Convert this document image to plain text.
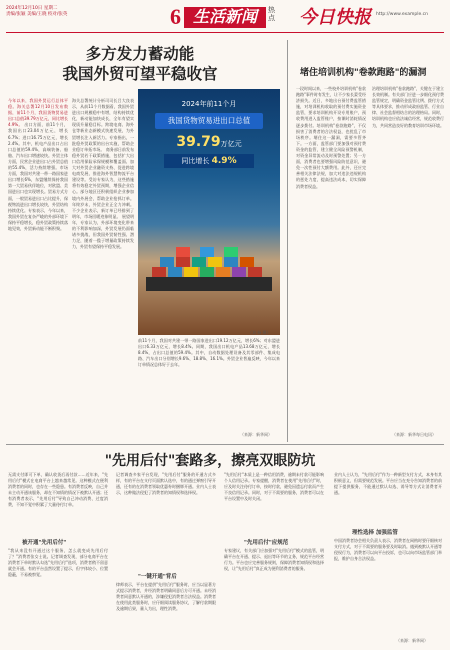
2024年12月10日 星期二
责编/张颖 美编/王晓 校对/张英	6 生活新闻	热
点 今日快报 http://www.example.cn
多方发力蓄动能
我国外贸可望平稳收官
今年以来，我国外贸运行总体平稳。海关总署12月10日发布数据，前11个月，我国货物贸易进出口总值39.79万亿元，同比增长4.9%。 出口方面，前11个月，我国出口23.04万亿元，增长6.7%；进口16.75万亿元，增长2.4%。其中，机电产品出口占出口总值的59.4%，高端装备、船舶、汽车出口增速较快。外贸主体方面，民营企业进出口占外贸总值的55.4%，活力持续增强。市场方面，我国对共建一带一路国家进出口增长6%，东盟继续保持我国第一大贸易伙伴地位，对欧盟、美国进出口也实现增长。贸易方式方面，一般贸易进出口占比提升，保税物流进出口增长较快，外贸结构持续优化。专家表示，今年以来，我国外贸在复杂严峻的外部环境下保持平稳增长，稳外贸政策持续落地见效，外贸新动能不断积聚。
海关总署统计分析司司长吕大良表示，从前11个月数据看，我国外贸进出口规模稳中有增，结构持续优化，新动能加快成长，全年有望实现质升量稳目标。跨境电商、海外仓等新业态新模式快速发展，为外贸增长注入新活力。专家指出，一批稳外贸政策的出台实施，帮助企业稳订单拓市场。 商务部日前发布稳外贸若干政策措施，包括扩大出口信用保险承保规模和覆盖面、加大对外贸企业融资支持、促进跨境电商发展、推进海外智慧物流平台建设等。受访专家认为，这些措施将有效稳定外贸预期，增强企业信心。部分地区还积极组织企业参加境内外展会，帮助企业抢抓订单。年终岁末，外贸企业正全力冲刺。不少企业表示，新订单已经排到了明年，市场回暖迹象明显。 展望明年，专家认为，外部环境变化带来的不利影响加深，外贸发展仍面临诸多挑战，但我国外贸韧性强、潜力足，随着一揽子增量政策持续发力，外贸有望保持平稳发展。
2024年前11个月
我国货物贸易进出口总值
39.79万亿元
同比增长 4.9%
（刘 杨 摄）
前11个月，我国对共建一带一路国家进出口19.12万亿元，增长6%；对东盟进出口6.33万亿元，增长8.4%。同期，我国出口机电产品13.68万亿元，增长8.4%，占出口总值的59.4%。其中，自动数据处理设备及其零部件、集成电路、汽车出口分别增长9.6%、18.8%、16.1%。外贸企业普遍反映，今年以来订单情况总体好于去年。
（来源：新华网）
堵住培训机构"卷款跑路"的漏洞
一段时间以来，一些校外培训机构"卷款跑路"事件时有发生，让不少家长蒙受经济损失。近日，多地出台预付费监管措施，对培训机构收取的预付费实施资金监管，要求培训机构开设专用账户，预收费用进入监管账户，按课时消耗情况逐步拨付。培训机构"卷款跑路"，不仅损害了消费者的合法权益，也扰乱了市场秩序。堵住这一漏洞，需要多管齐下。一方面，监管部门要加强对预付费资金的监管，建立健全风险预警机制，对资金异常流动及时预警处置；另一方面，消费者也要增强风险防范意识，避免一次性预付大额费用。此外，还应完善相关法律法规，加大对违法违规机构的惩处力度，提高违法成本，切实保障消费者权益。
治理培训机构"卷款跑路"，关键在于建立长效机制。有关部门应进一步细化预付费监管规定，明确资金监管比例、拨付方式等具体要求，推动形成政府监管、行业自律、社会监督相结合的治理格局。同时，培训机构也应依法诚信经营，规范收费行为，共同营造良好的教育培训市场环境。
（来源：新华每日电讯）
"先用后付"套路多，擦亮双眼防坑
无需支付即可下单，确认收货后再付款……近年来，"先用后付"模式在电商平台上越来越常见。这种模式在便利消费者的同时，也存在一些隐患。有消费者反映，自己并未主动开通该服务，却在不知情的情况下被默认开通；还有消费者表示，"先用后付"导致自己冲动消费、过度消费，不知不觉中积累了大量待付订单。
被开通"先用后付"
"我从来没有开通过这个服务，怎么就变成先用后付了？"消费者张女士说。记者调查发现，部分电商平台在消费者下单时默认勾选"先用后付"选项，消费者稍不留意就会开通。有的平台虽然设置了提示，但字体较小、位置隐蔽，不易被察觉。
记者调查多家平台发现，"先用后付"服务的开通方式多样，有的平台在支付页面默认选中，有的通过弹窗引导开通，还有的在消费者领取优惠券时捆绑开通。业内人士表示，这种做法侵犯了消费者的知情权和选择权。
"一键开通"背后
律师表示，平台在提供"先用后付"服务时，应当以显著方式提示消费者，并经消费者明确同意后方可开通。未经消费者同意默认开通的，涉嫌侵犯消费者合法权益。消费者在使用此类服务时，应仔细阅读服务协议，了解付款期限及逾期后果，量入为出，理性消费。
"先用后付"本质上是一种信用消费，逾期未付款可能影响个人信用记录。专家提醒，消费者在使用"先用后付"时，应及时关注待付订单，按时付款，避免因遗忘付款而产生不良信用记录。同时，对于不需要的服务，消费者可以在平台设置中及时关闭。
"先用后付"应规范
专家建议，有关部门应加强对"先用后付"模式的监管，明确平台在开通、提示、退出等环节的义务，规范平台经营行为。平台也应完善服务规则，保障消费者知情权和选择权，让"先用后付"真正成为便利消费者的服务。
业内人士认为，"先用后付"作为一种新型支付方式，本身有其积极意义，但需要规范发展。平台应当在充分告知消费者的前提下提供服务，不能通过默认勾选、诱导等方式让消费者开通。
理性选择 加强监管
中国消费者协会相关负责人表示，消费者在网购时要仔细核对支付方式，对于不需要的服务要及时取消。遇到被默认开通等侵权行为，消费者可以向平台投诉，也可以向市场监管部门举报，维护自身合法权益。
（来源：新华网）
